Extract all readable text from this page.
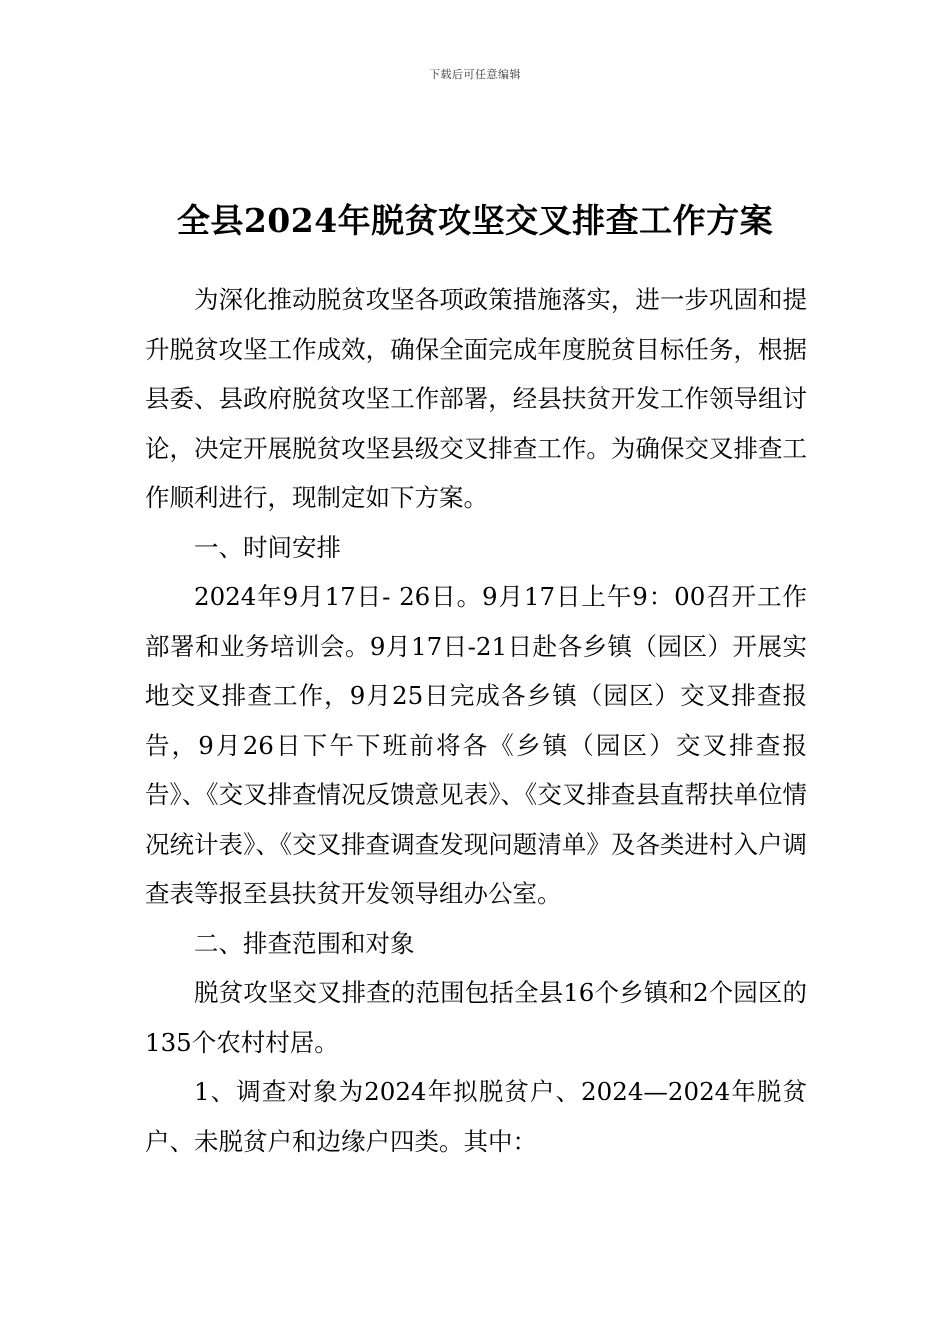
下载后可任意编辑
全县2024年脱贫攻坚交叉排查工作方案

为深化推动脱贫攻坚各项政策措施落实，进一步巩固和提升脱贫攻坚工作成效，确保全面完成年度脱贫目标任务，根据县委、县政府脱贫攻坚工作部署，经县扶贫开发工作领导组讨论，决定开展脱贫攻坚县级交叉排查工作。为确保交叉排查工作顺利进行，现制定如下方案。

一、时间安排

2024年9月17日- 26日。9月17日上午9：00召开工作部署和业务培训会。9月17日-21日赴各乡镇（园区）开展实地交叉排查工作，9月25日完成各乡镇（园区）交叉排查报告，9月26日下午下班前将各《乡镇（园区）交叉排查报告》、《交叉排查情况反馈意见表》、《交叉排查县直帮扶单位情况统计表》、《交叉排查调查发现问题清单》及各类进村入户调查表等报至县扶贫开发领导组办公室。

二、排查范围和对象

脱贫攻坚交叉排查的范围包括全县16个乡镇和2个园区的135个农村村居。

1、调查对象为2024年拟脱贫户、2024—2024年脱贫户、未脱贫户和边缘户四类。其中：
